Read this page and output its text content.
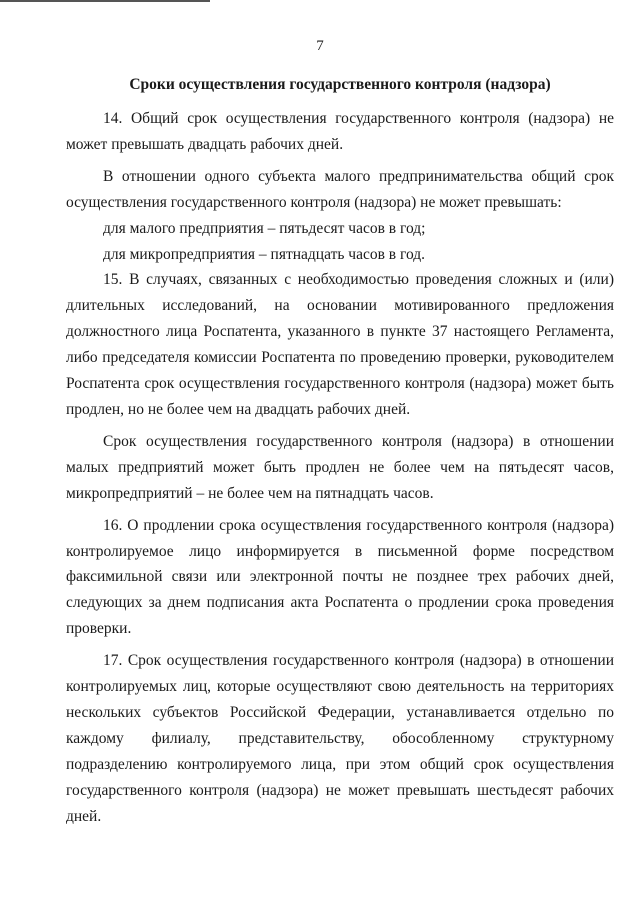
7
Сроки осуществления государственного контроля (надзора)

14. Общий срок осуществления государственного контроля (надзора) не может превышать двадцать рабочих дней.

В отношении одного субъекта малого предпринимательства общий срок осуществления государственного контроля (надзора) не может превышать:

для малого предприятия – пятьдесят часов в год;

для микропредприятия – пятнадцать часов в год.

15. В случаях, связанных с необходимостью проведения сложных и (или) длительных исследований, на основании мотивированного предложения должностного лица Роспатента, указанного в пункте 37 настоящего Регламента, либо председателя комиссии Роспатента по проведению проверки, руководителем Роспатента срок осуществления государственного контроля (надзора) может быть продлен, но не более чем на двадцать рабочих дней.

Срок осуществления государственного контроля (надзора) в отношении малых предприятий может быть продлен не более чем на пятьдесят часов, микропредприятий – не более чем на пятнадцать часов.

16. О продлении срока осуществления государственного контроля (надзора) контролируемое лицо информируется в письменной форме посредством факсимильной связи или электронной почты не позднее трех рабочих дней, следующих за днем подписания акта Роспатента о продлении срока проведения проверки.

17. Срок осуществления государственного контроля (надзора) в отношении контролируемых лиц, которые осуществляют свою деятельность на территориях нескольких субъектов Российской Федерации, устанавливается отдельно по каждому филиалу, представительству, обособленному структурному подразделению контролируемого лица, при этом общий срок осуществления государственного контроля (надзора) не может превышать шестьдесят рабочих дней.
